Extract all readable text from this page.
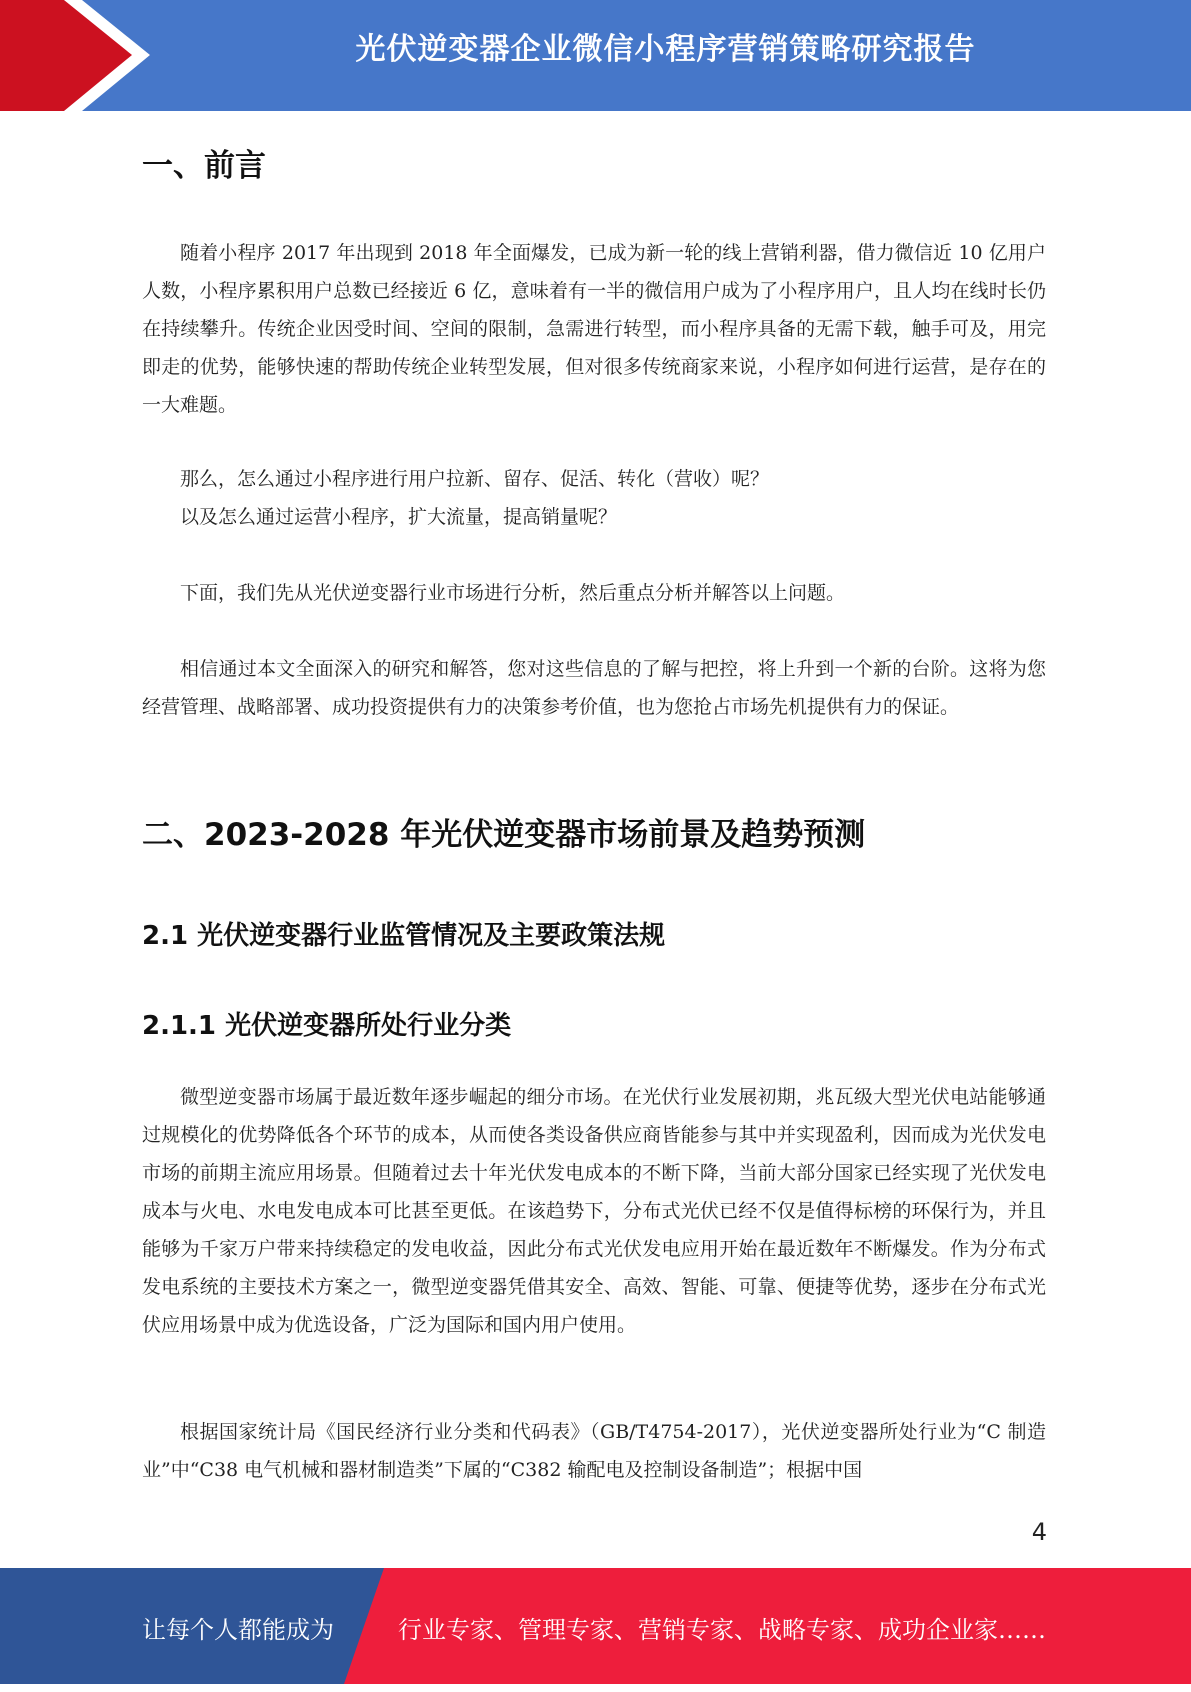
光伏逆变器企业微信小程序营销策略研究报告
一、前言

随着小程序 2017 年出现到 2018 年全面爆发，已成为新一轮的线上营销利器，借力微信近 10 亿用户人数，小程序累积用户总数已经接近 6 亿，意味着有一半的微信用户成为了小程序用户，且人均在线时长仍在持续攀升。传统企业因受时间、空间的限制，急需进行转型，而小程序具备的无需下载，触手可及，用完即走的优势，能够快速的帮助传统企业转型发展，但对很多传统商家来说，小程序如何进行运营，是存在的一大难题。

那么，怎么通过小程序进行用户拉新、留存、促活、转化（营收）呢？

以及怎么通过运营小程序，扩大流量，提高销量呢？

下面，我们先从光伏逆变器行业市场进行分析，然后重点分析并解答以上问题。

相信通过本文全面深入的研究和解答，您对这些信息的了解与把控，将上升到一个新的台阶。这将为您经营管理、战略部署、成功投资提供有力的决策参考价值，也为您抢占市场先机提供有力的保证。

二、2023-2028 年光伏逆变器市场前景及趋势预测
2.1 光伏逆变器行业监管情况及主要政策法规
2.1.1 光伏逆变器所处行业分类

微型逆变器市场属于最近数年逐步崛起的细分市场。在光伏行业发展初期，兆瓦级大型光伏电站能够通过规模化的优势降低各个环节的成本，从而使各类设备供应商皆能参与其中并实现盈利，因而成为光伏发电市场的前期主流应用场景。但随着过去十年光伏发电成本的不断下降，当前大部分国家已经实现了光伏发电成本与火电、水电发电成本可比甚至更低。在该趋势下，分布式光伏已经不仅是值得标榜的环保行为，并且能够为千家万户带来持续稳定的发电收益，因此分布式光伏发电应用开始在最近数年不断爆发。作为分布式发电系统的主要技术方案之一，微型逆变器凭借其安全、高效、智能、可靠、便捷等优势，逐步在分布式光伏应用场景中成为优选设备，广泛为国际和国内用户使用。

根据国家统计局《国民经济行业分类和代码表》（GB/T4754-2017），光伏逆变器所处行业为“C 制造业”中“C38 电气机械和器材制造类”下属的“C382 输配电及控制设备制造”；根据中国

4
让每个人都能成为	行业专家、管理专家、营销专家、战略专家、成功企业家……
